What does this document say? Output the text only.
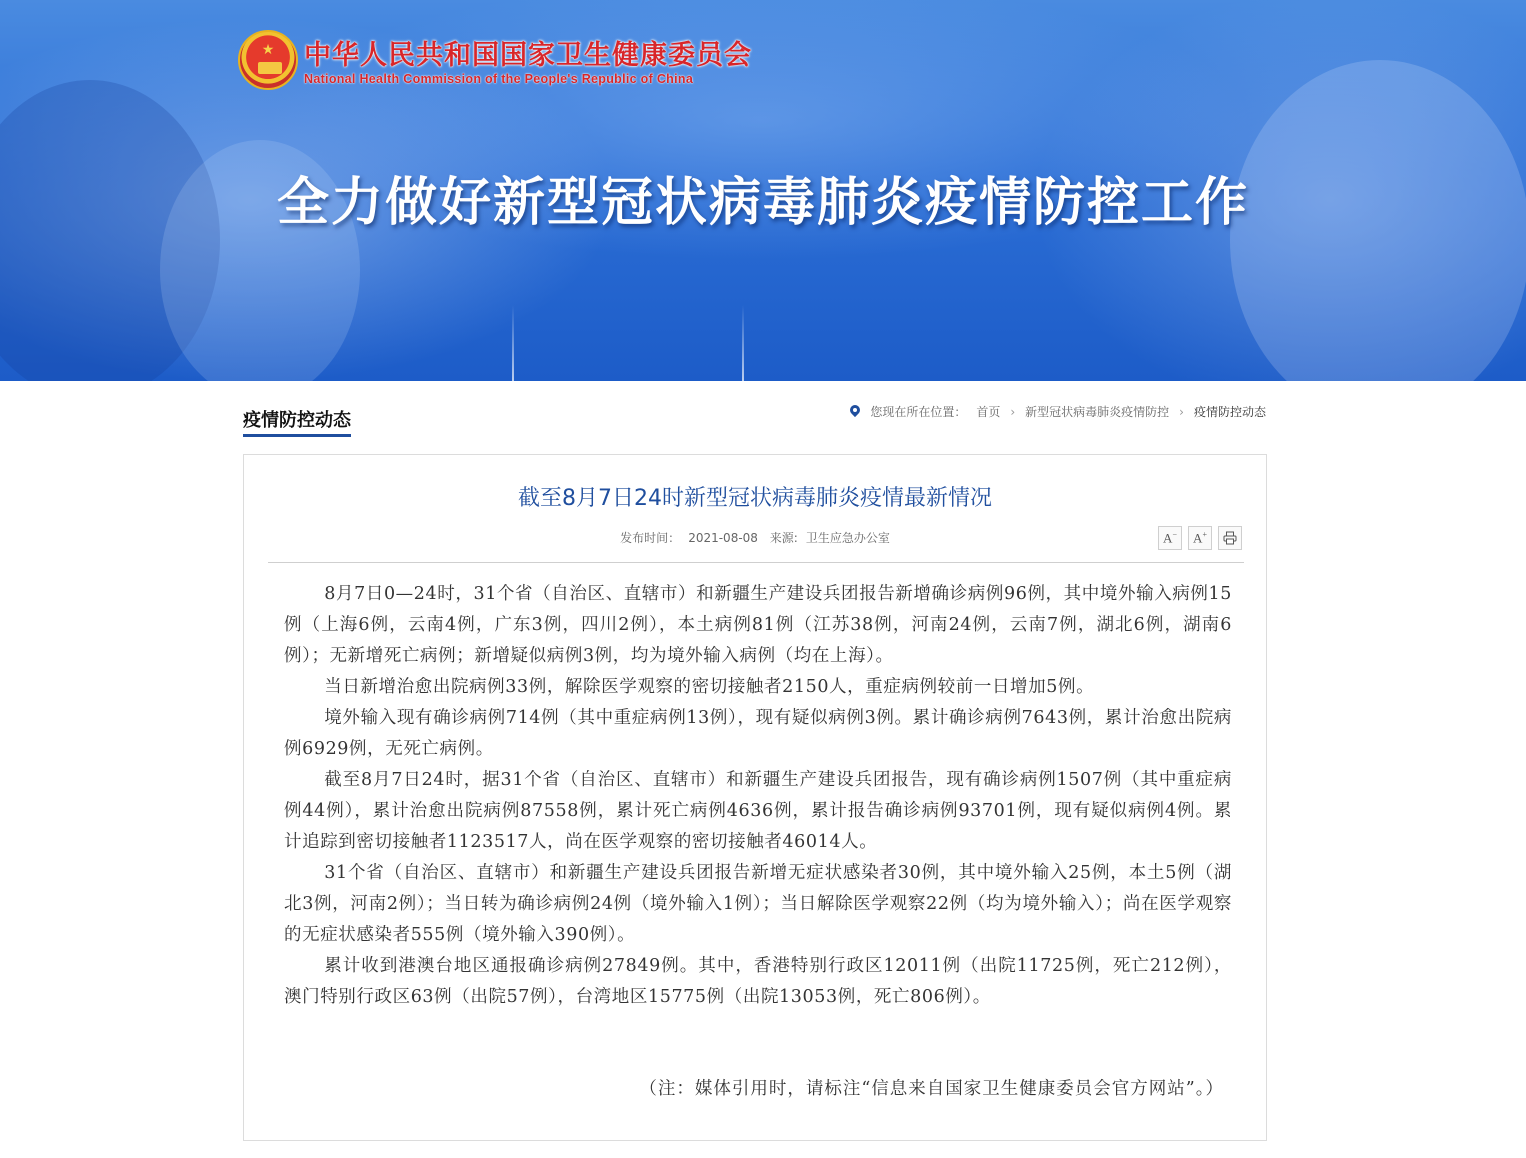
★ 中华人民共和国国家卫生健康委员会
National Health Commission of the People's Republic of China
全力做好新型冠状病毒肺炎疫情防控工作
疫情防控动态	您现在所在位置： 首页 › 新型冠状病毒肺炎疫情防控 › 疫情防控动态
截至8月7日24时新型冠状病毒肺炎疫情最新情况
发布时间： 2021-08-08 来源: 卫生应急办公室	A− A+

8月7日0—24时，31个省（自治区、直辖市）和新疆生产建设兵团报告新增确诊病例96例，其中境外输入病例15例（上海6例，云南4例，广东3例，四川2例），本土病例81例（江苏38例，河南24例，云南7例，湖北6例，湖南6例）；无新增死亡病例；新增疑似病例3例，均为境外输入病例（均在上海）。

当日新增治愈出院病例33例，解除医学观察的密切接触者2150人，重症病例较前一日增加5例。

境外输入现有确诊病例714例（其中重症病例13例），现有疑似病例3例。累计确诊病例7643例，累计治愈出院病例6929例，无死亡病例。

截至8月7日24时，据31个省（自治区、直辖市）和新疆生产建设兵团报告，现有确诊病例1507例（其中重症病例44例），累计治愈出院病例87558例，累计死亡病例4636例，累计报告确诊病例93701例，现有疑似病例4例。累计追踪到密切接触者1123517人，尚在医学观察的密切接触者46014人。

31个省（自治区、直辖市）和新疆生产建设兵团报告新增无症状感染者30例，其中境外输入25例，本土5例（湖北3例，河南2例）；当日转为确诊病例24例（境外输入1例）；当日解除医学观察22例（均为境外输入）；尚在医学观察的无症状感染者555例（境外输入390例）。

累计收到港澳台地区通报确诊病例27849例。其中，香港特别行政区12011例（出院11725例，死亡212例），澳门特别行政区63例（出院57例），台湾地区15775例（出院13053例，死亡806例）。

（注：媒体引用时，请标注“信息来自国家卫生健康委员会官方网站”。）
